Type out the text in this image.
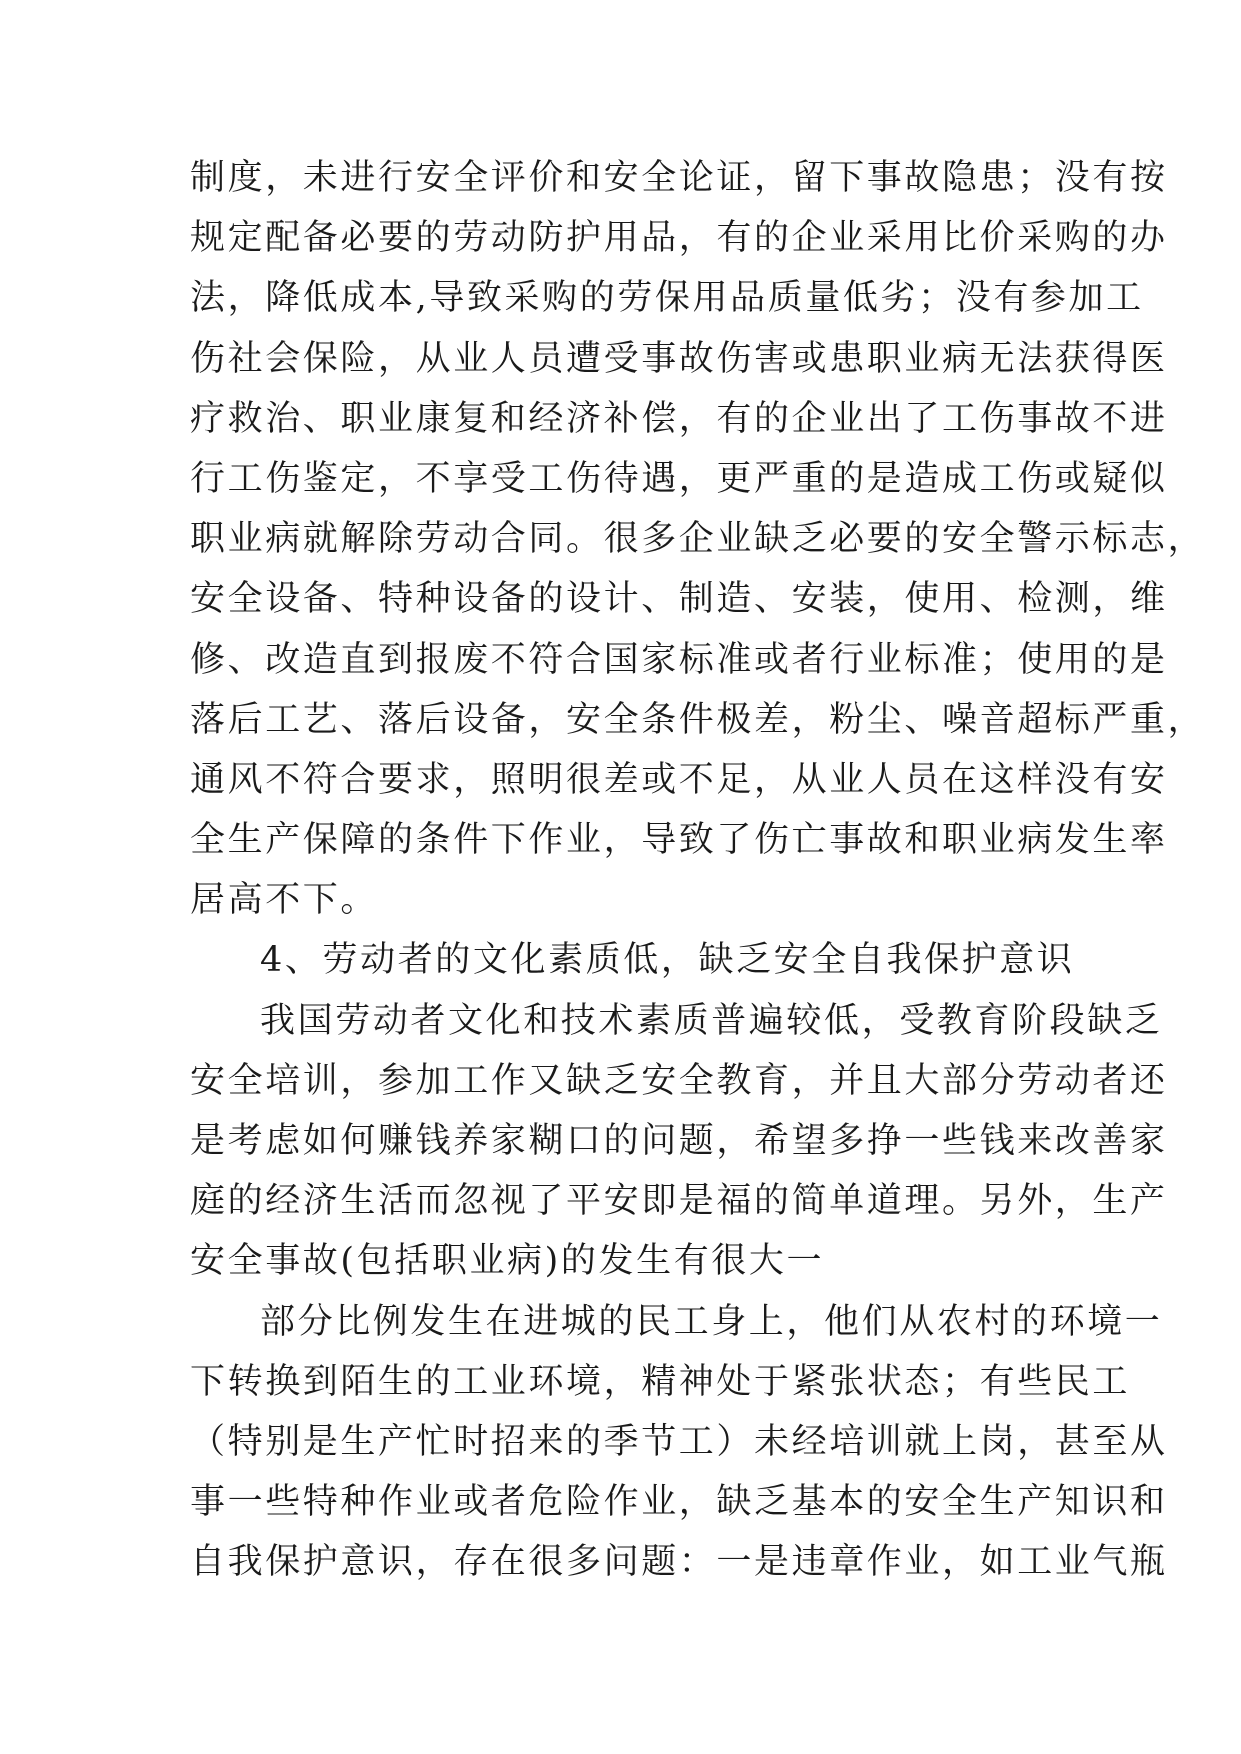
制度，未进行安全评价和安全论证，留下事故隐患；没有按
规定配备必要的劳动防护用品，有的企业采用比价采购的办
法，降低成本,导致采购的劳保用品质量低劣；没有参加工
伤社会保险，从业人员遭受事故伤害或患职业病无法获得医
疗救治、职业康复和经济补偿，有的企业出了工伤事故不进
行工伤鉴定，不享受工伤待遇，更严重的是造成工伤或疑似
职业病就解除劳动合同。很多企业缺乏必要的安全警示标志，
安全设备、特种设备的设计、制造、安装，使用、检测，维
修、改造直到报废不符合国家标准或者行业标准；使用的是
落后工艺、落后设备，安全条件极差，粉尘、噪音超标严重，
通风不符合要求，照明很差或不足，从业人员在这样没有安
全生产保障的条件下作业，导致了伤亡事故和职业病发生率
居高不下。
4、劳动者的文化素质低，缺乏安全自我保护意识
我国劳动者文化和技术素质普遍较低，受教育阶段缺乏
安全培训，参加工作又缺乏安全教育，并且大部分劳动者还
是考虑如何赚钱养家糊口的问题，希望多挣一些钱来改善家
庭的经济生活而忽视了平安即是福的简单道理。另外，生产
安全事故(包括职业病)的发生有很大一
部分比例发生在进城的民工身上，他们从农村的环境一
下转换到陌生的工业环境，精神处于紧张状态；有些民工
（特别是生产忙时招来的季节工）未经培训就上岗，甚至从
事一些特种作业或者危险作业，缺乏基本的安全生产知识和
自我保护意识，存在很多问题：一是违章作业，如工业气瓶
